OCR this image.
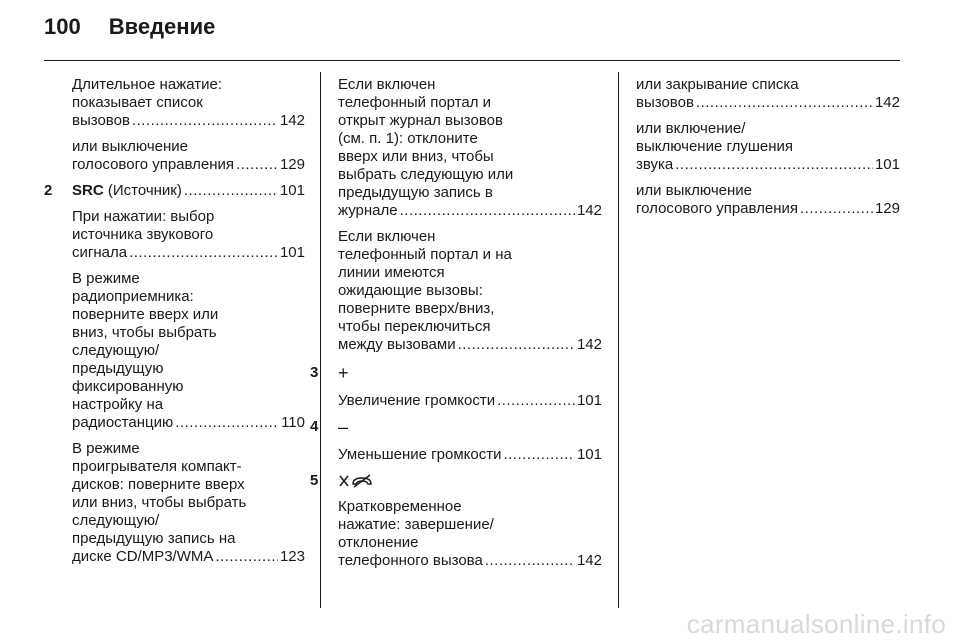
100 Введение
Длительное нажатие:
показывает список
вызовов .....	142
или выключение
голосового управления .....	129
2 SRC (Источник) .....	101
При нажатии: выбор
источника звукового
сигнала .....	101
В режиме
радиоприемника:
поверните вверх или
вниз, чтобы выбрать
следующую/
предыдущую
фиксированную
настройку на
радиостанцию .....	110
В режиме
проигрывателя компакт-
дисков: поверните вверх
или вниз, чтобы выбрать
следующую/
предыдущую запись на
диске CD/MP3/WMA .....	123
Если включен
телефонный портал и
открыт журнал вызовов
(см. п. 1): отклоните
вверх или вниз, чтобы
выбрать следующую или
предыдущую запись в
журнале .....	142
Если включен
телефонный портал и на
линии имеются
ожидающие вызовы:
поверните вверх/вниз,
чтобы переключиться
между вызовами .....	142
3 +
Увеличение громкости .....	101
4 –
Уменьшение громкости .....	101
5
Кратковременное
нажатие: завершение/
отклонение
телефонного вызова .....	142
или закрывание списка
вызовов .....	142
или включение/
выключение глушения
звука .....	101
или выключение
голосового управления .....	129
carmanualsonline.info
